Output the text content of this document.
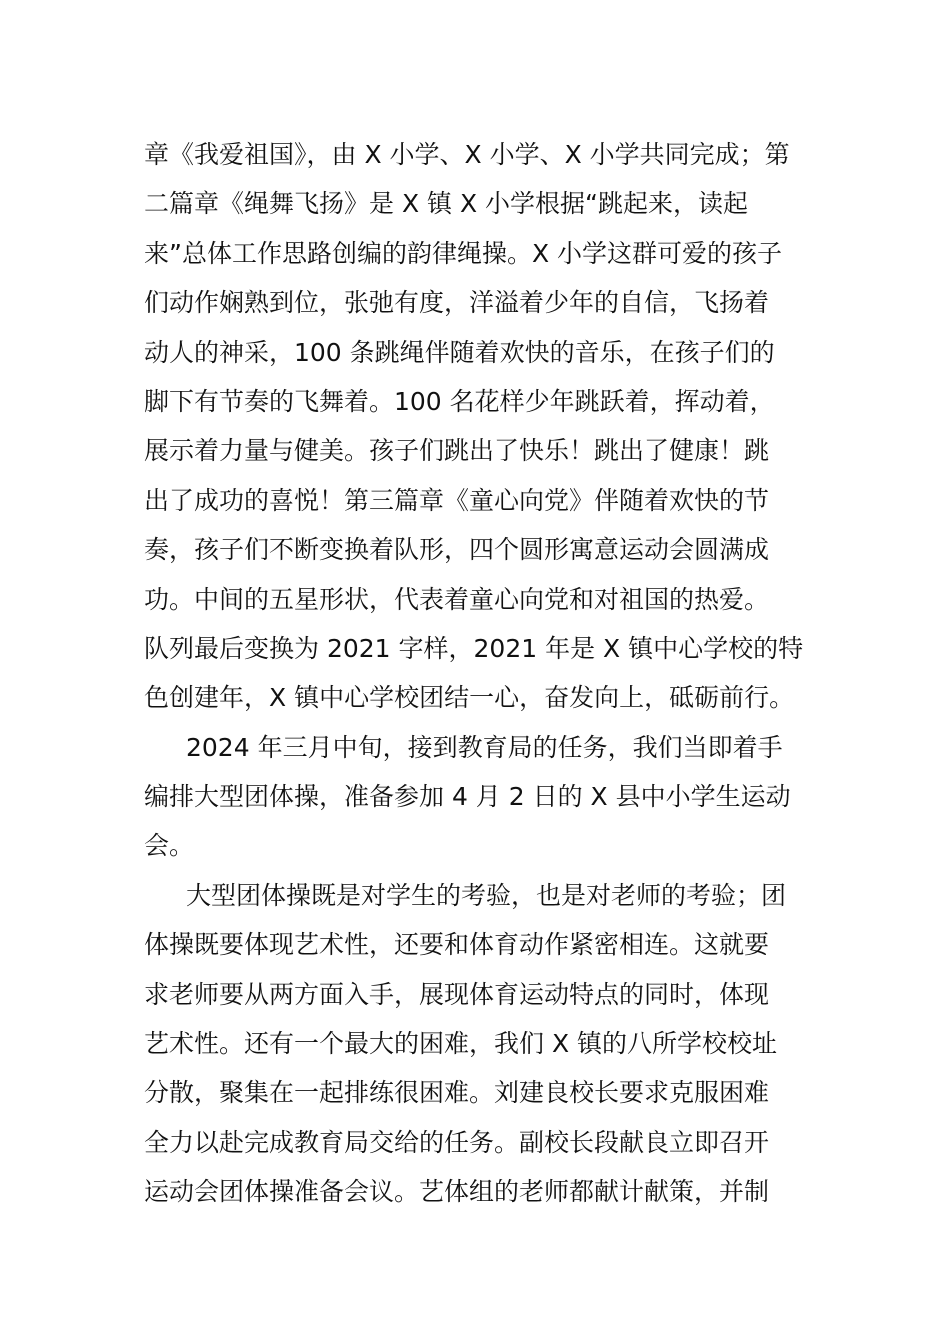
章《我爱祖国》，由 X 小学、X 小学、X 小学共同完成；第
二篇章《绳舞飞扬》是 X 镇 X 小学根据“跳起来，读起
来”总体工作思路创编的韵律绳操。X 小学这群可爱的孩子
们动作娴熟到位，张弛有度，洋溢着少年的自信，飞扬着
动人的神采，100 条跳绳伴随着欢快的音乐，在孩子们的
脚下有节奏的飞舞着。100 名花样少年跳跃着，挥动着，
展示着力量与健美。孩子们跳出了快乐！跳出了健康！跳
出了成功的喜悦！第三篇章《童心向党》伴随着欢快的节
奏，孩子们不断变换着队形，四个圆形寓意运动会圆满成
功。中间的五星形状，代表着童心向党和对祖国的热爱。
队列最后变换为 2021 字样，2021 年是 X 镇中心学校的特
色创建年，X 镇中心学校团结一心，奋发向上，砥砺前行。
2024 年三月中旬，接到教育局的任务，我们当即着手
编排大型团体操，准备参加 4 月 2 日的 X 县中小学生运动
会。
大型团体操既是对学生的考验，也是对老师的考验；团
体操既要体现艺术性，还要和体育动作紧密相连。这就要
求老师要从两方面入手，展现体育运动特点的同时，体现
艺术性。还有一个最大的困难，我们 X 镇的八所学校校址
分散，聚集在一起排练很困难。刘建良校长要求克服困难
全力以赴完成教育局交给的任务。副校长段献良立即召开
运动会团体操准备会议。艺体组的老师都献计献策，并制
